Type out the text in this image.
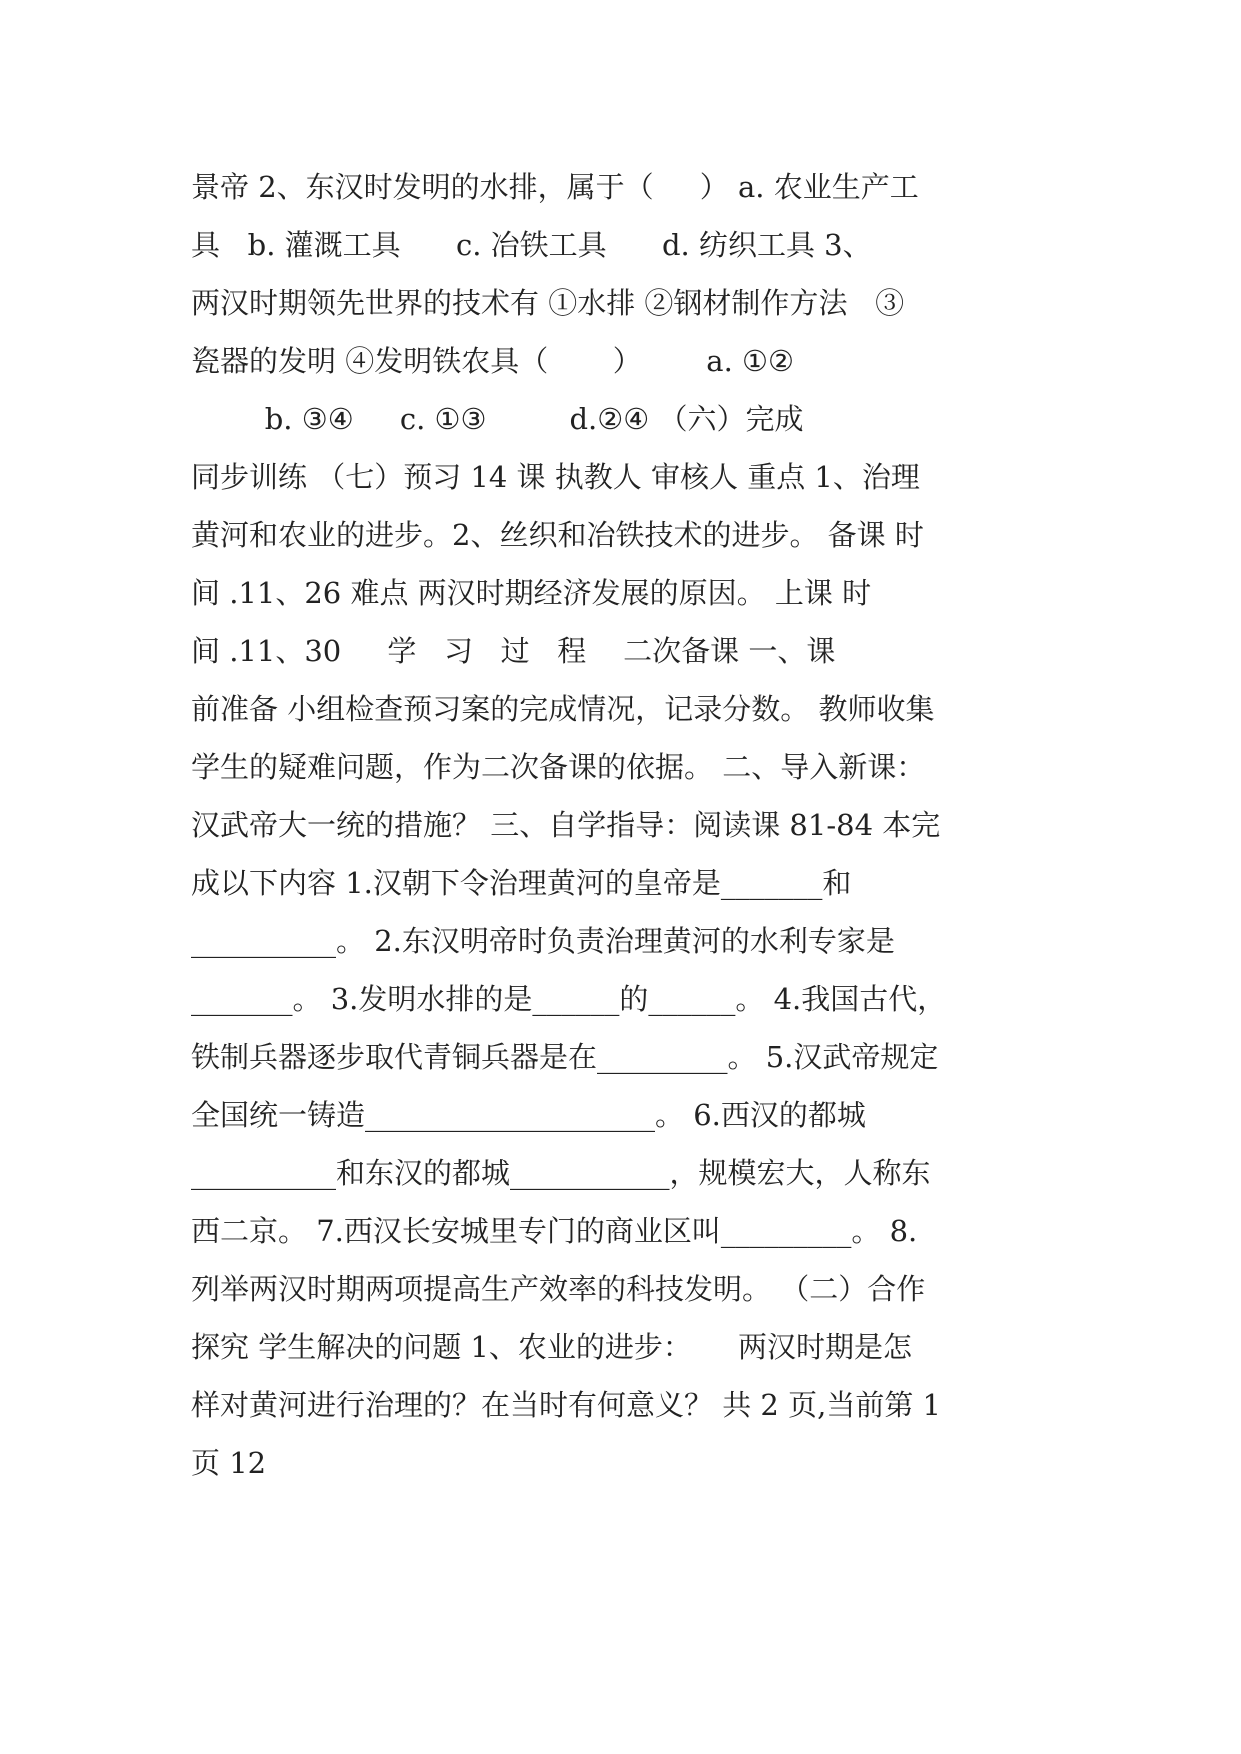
景帝 2、东汉时发明的水排，属于（     ） a. 农业生产工
具   b. 灌溉工具      c. 冶铁工具      d. 纺织工具 3、
两汉时期领先世界的技术有 ①水排 ②钢材制作方法   ③
瓷器的发明 ④发明铁农具（       ）       a. ①②
b. ③④     c. ①③         d.②④ （六）完成
同步训练 （七）预习 14 课 执教人 审核人 重点 1、治理
黄河和农业的进步。2、丝织和冶铁技术的进步。 备课 时
间 .11、26 难点 两汉时期经济发展的原因。 上课 时
间 .11、30     学   习   过   程    二次备课 一、课
前准备 小组检查预习案的完成情况，记录分数。 教师收集
学生的疑难问题，作为二次备课的依据。 二、导入新课：
汉武帝大一统的措施？ 三、自学指导：阅读课 81-84 本完
成以下内容 1.汉朝下令治理黄河的皇帝是_______和
__________。 2.东汉明帝时负责治理黄河的水利专家是
_______。 3.发明水排的是______的______。 4.我国古代，
铁制兵器逐步取代青铜兵器是在_________。 5.汉武帝规定
全国统一铸造____________________。 6.西汉的都城
__________和东汉的都城___________，规模宏大，人称东
西二京。 7.西汉长安城里专门的商业区叫_________。 8.
列举两汉时期两项提高生产效率的科技发明。 （二）合作
探究 学生解决的问题 1、农业的进步：     两汉时期是怎
样对黄河进行治理的？在当时有何意义？ 共 2 页,当前第 1
页 12
